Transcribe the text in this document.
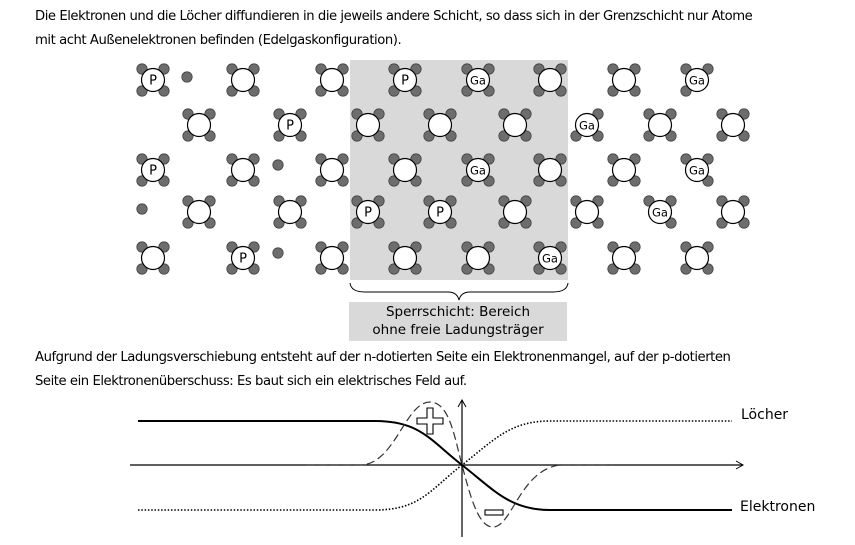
Die Elektronen und die Löcher diffundieren in die jeweils andere Schicht, so dass sich in der Grenzschicht nur Atome
mit acht Außenelektronen befinden (Edelgaskonfiguration).
P	P	Ga	Ga
P	Ga
P	Ga	Ga
P	P	Ga
P	Ga
Sperrschicht: Bereich
ohne freie Ladungsträger
Aufgrund der Ladungsverschiebung entsteht auf der n-dotierten Seite ein Elektronenmangel, auf der p-dotierten
Seite ein Elektronenüberschuss: Es baut sich ein elektrisches Feld auf.
Löcher
Elektronen
